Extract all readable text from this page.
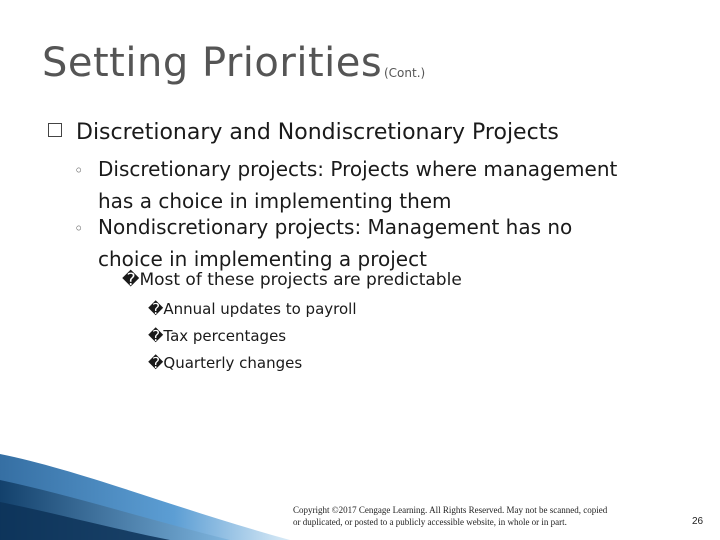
Setting Priorities (Cont.)
Discretionary and Nondiscretionary Projects
◦ Discretionary projects: Projects where management
has a choice in implementing them
◦ Nondiscretionary projects: Management has no
choice in implementing a project
�Most of these projects are predictable
�Annual updates to payroll
�Tax percentages
�Quarterly changes
Copyright ©2017 Cengage Learning. All Rights Reserved. May not be scanned, copied
or duplicated, or posted to a publicly accessible website, in whole or in part.	26
